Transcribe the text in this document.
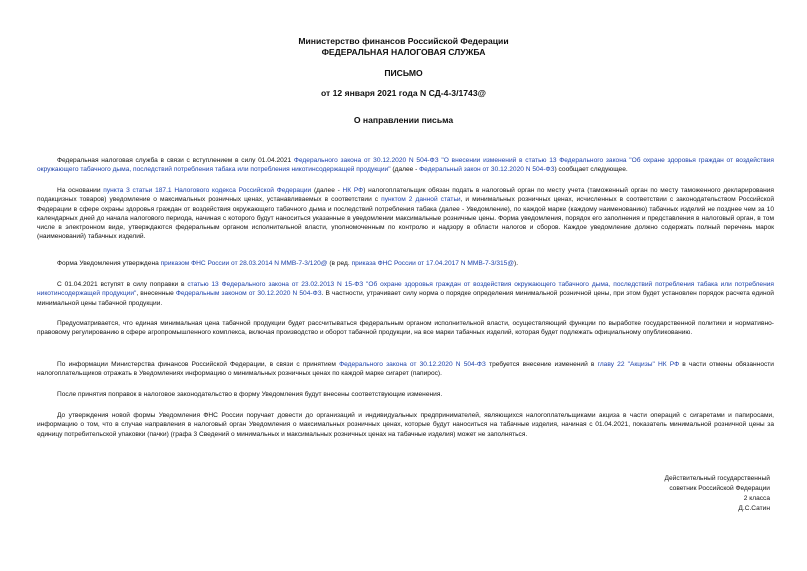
Министерство финансов Российской Федерации
ФЕДЕРАЛЬНАЯ НАЛОГОВАЯ СЛУЖБА
ПИСЬМО
от 12 января 2021 года N СД-4-3/1743@
О направлении письма
Федеральная налоговая служба в связи с вступлением в силу 01.04.2021 Федерального закона от 30.12.2020 N 504-ФЗ "О внесении изменений в статью 13 Федерального закона "Об охране здоровья граждан от воздействия окружающего табачного дыма, последствий потребления табака или потребления никотинсодержащей продукции" (далее - Федеральный закон от 30.12.2020 N 504-ФЗ) сообщает следующее.
На основании пункта 3 статьи 187.1 Налогового кодекса Российской Федерации (далее - НК РФ) налогоплательщик обязан подать в налоговый орган по месту учета (таможенный орган по месту таможенного декларирования подакцизных товаров) уведомление о максимальных розничных ценах, устанавливаемых в соответствии с пунктом 2 данной статьи, и минимальных розничных ценах, исчисленных в соответствии с законодательством Российской Федерации в сфере охраны здоровья граждан от воздействия окружающего табачного дыма и последствий потребления табака (далее - Уведомление), по каждой марке (каждому наименованию) табачных изделий не позднее чем за 10 календарных дней до начала налогового периода, начиная с которого будут наноситься указанные в уведомлении максимальные розничные цены. Форма уведомления, порядок его заполнения и представления в налоговый орган, в том числе в электронном виде, утверждаются федеральным органом исполнительной власти, уполномоченным по контролю и надзору в области налогов и сборов. Каждое уведомление должно содержать полный перечень марок (наименований) табачных изделий.
Форма Уведомления утверждена приказом ФНС России от 28.03.2014 N ММВ-7-3/120@ (в ред. приказа ФНС России от 17.04.2017 N ММВ-7-3/315@).
С 01.04.2021 вступят в силу поправки в статью 13 Федерального закона от 23.02.2013 N 15-ФЗ "Об охране здоровья граждан от воздействия окружающего табачного дыма, последствий потребления табака или потребления никотинсодержащей продукции", внесенные Федеральным законом от 30.12.2020 N 504-ФЗ. В частности, утрачивает силу норма о порядке определения минимальной розничной цены, при этом будет установлен порядок расчета единой минимальной цены табачной продукции.
Предусматривается, что единая минимальная цена табачной продукции будет рассчитываться федеральным органом исполнительной власти, осуществляющий функции по выработке государственной политики и нормативно-правовому регулированию в сфере агропромышленного комплекса, включая производство и оборот табачной продукции, на все марки табачных изделий, которая будет подлежать официальному опубликованию.
По информации Министерства финансов Российской Федерации, в связи с принятием Федерального закона от 30.12.2020 N 504-ФЗ требуется внесение изменений в главу 22 "Акцизы" НК РФ в части отмены обязанности налогоплательщиков отражать в Уведомлениях информацию о минимальных розничных ценах по каждой марке сигарет (папирос).
После принятия поправок в налоговое законодательство в форму Уведомления будут внесены соответствующие изменения.
До утверждения новой формы Уведомления ФНС России поручает довести до организаций и индивидуальных предпринимателей, являющихся налогоплательщиками акциза в части операций с сигаретами и папиросами, информацию о том, что в случае направления в налоговый орган Уведомления о максимальных розничных ценах, которые будут наноситься на табачные изделия, начиная с 01.04.2021, показатель минимальной розничной цены за единицу потребительской упаковки (пачки) (графа 3 Сведений о минимальных и максимальных розничных ценах на табачные изделия) может не заполняться.
Действительный государственный
советник Российской Федерации
2 класса
Д.С.Сатин
